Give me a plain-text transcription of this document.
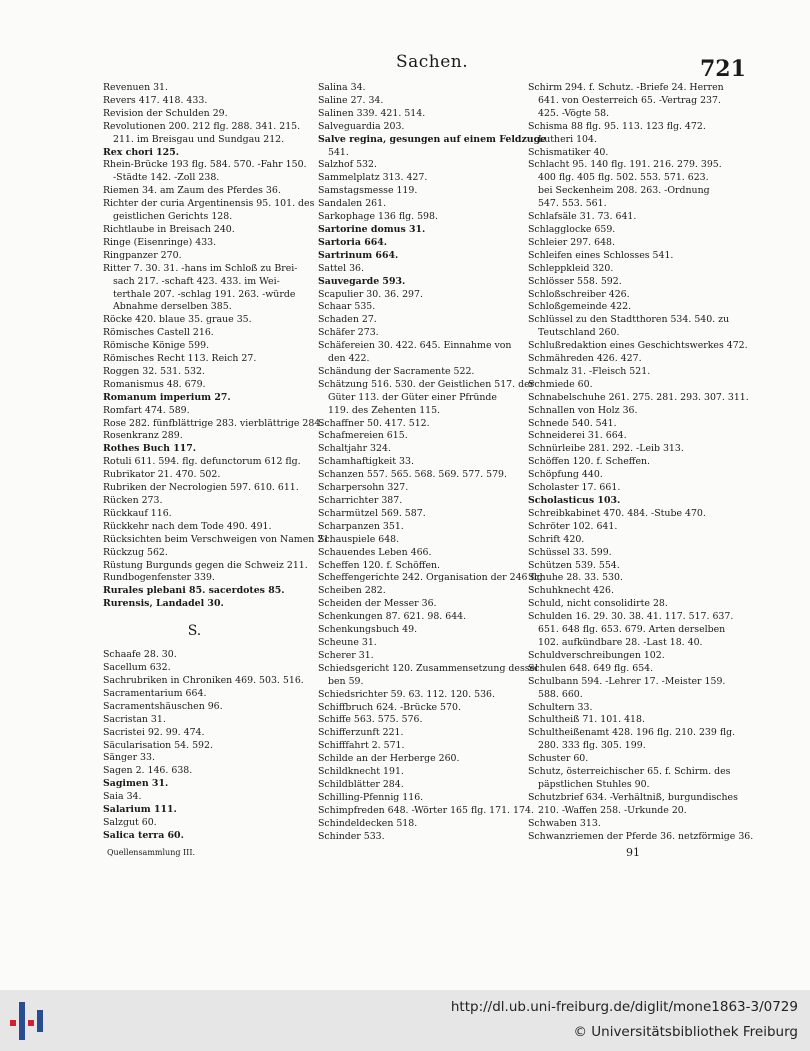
Sachen.	721
Revenuen 31.
Revers 417. 418. 433.
Revision der Schulden 29.
Revolutionen 200. 212 flg. 288. 341. 215.
211. im Breisgau und Sundgau 212.
Rex chori 125.
Rhein-Brücke 193 flg. 584. 570. -Fahr 150.
-Städte 142. -Zoll 238.
Riemen 34. am Zaum des Pferdes 36.
Richter der curia Argentinensis 95. 101. des
geistlichen Gerichts 128.
Richtlaube in Breisach 240.
Ringe (Eisenringe) 433.
Ringpanzer 270.
Ritter 7. 30. 31. -hans im Schloß zu Brei-
sach 217. -schaft 423. 433. im Wei-
terthale 207. -schlag 191. 263. -würde
Abnahme derselben 385.
Röcke 420. blaue 35. graue 35.
Römisches Castell 216.
Römische Könige 599.
Römisches Recht 113. Reich 27.
Roggen 32. 531. 532.
Romanismus 48. 679.
Romanum imperium 27.
Romfart 474. 589.
Rose 282. fünfblättrige 283. vierblättrige 284.
Rosenkranz 289.
Rothes Buch 117.
Rotuli 611. 594. flg. defunctorum 612 flg.
Rubrikator 21. 470. 502.
Rubriken der Necrologien 597. 610. 611.
Rücken 273.
Rückkauf 116.
Rückkehr nach dem Tode 490. 491.
Rücksichten beim Verschweigen von Namen 21.
Rückzug 562.
Rüstung Burgunds gegen die Schweiz 211.
Rundbogenfenster 339.
Rurales plebani 85. sacerdotes 85.
Rurensis, Landadel 30.
S.
Schaafe 28. 30.
Sacellum 632.
Sachrubriken in Chroniken 469. 503. 516.
Sacramentarium 664.
Sacramentshäuschen 96.
Sacristan 31.
Sacristei 92. 99. 474.
Säcularisation 54. 592.
Sänger 33.
Sagen 2. 146. 638.
Sagimen 31.
Saia 34.
Salarium 111.
Salzgut 60.
Salica terra 60.
Quellensammlung III.
Salina 34.
Saline 27. 34.
Salinen 339. 421. 514.
Salveguardia 203.
Salve regina, gesungen auf einem Feldzuge
541.
Salzhof 532.
Sammelplatz 313. 427.
Samstagsmesse 119.
Sandalen 261.
Sarkophage 136 flg. 598.
Sartorine domus 31.
Sartoria 664.
Sartrinum 664.
Sattel 36.
Sauvegarde 593.
Scapulier 30. 36. 297.
Schaar 535.
Schaden 27.
Schäfer 273.
Schäfereien 30. 422. 645. Einnahme von
den 422.
Schändung der Sacramente 522.
Schätzung 516. 530. der Geistlichen 517. der
Güter 113. der Güter einer Pfründe
119. des Zehenten 115.
Schaffner 50. 417. 512.
Schafmereien 615.
Schaltjahr 324.
Schamhaftigkeit 33.
Schanzen 557. 565. 568. 569. 577. 579.
Scharpersohn 327.
Scharrichter 387.
Scharmützel 569. 587.
Scharpanzen 351.
Schauspiele 648.
Schauendes Leben 466.
Scheffen 120. f. Schöffen.
Scheffengerichte 242. Organisation der 246 flg.
Scheiben 282.
Scheiden der Messer 36.
Schenkungen 87. 621. 98. 644.
Schenkungsbuch 49.
Scheune 31.
Scherer 31.
Schiedsgericht 120. Zusammensetzung dessel
ben 59.
Schiedsrichter 59. 63. 112. 120. 536.
Schiffbruch 624. -Brücke 570.
Schiffe 563. 575. 576.
Schifferzunft 221.
Schifffahrt 2. 571.
Schilde an der Herberge 260.
Schildknecht 191.
Schildblätter 284.
Schilling-Pfennig 116.
Schimpfreden 648. -Wörter 165 flg. 171. 174.
Schindeldecken 518.
Schinder 533.
Schirm 294. f. Schutz. -Briefe 24. Herren
641. von Oesterreich 65. -Vertrag 237.
425. -Vögte 58.
Schisma 88 flg. 95. 113. 123 flg. 472.
Lutheri 104.
Schismatiker 40.
Schlacht 95. 140 flg. 191. 216. 279. 395.
400 flg. 405 flg. 502. 553. 571. 623.
bei Seckenheim 208. 263. -Ordnung
547. 553. 561.
Schlafsäle 31. 73. 641.
Schlagglocke 659.
Schleier 297. 648.
Schleifen eines Schlosses 541.
Schleppkleid 320.
Schlösser 558. 592.
Schloßschreiber 426.
Schloßgemeinde 422.
Schlüssel zu den Stadtthoren 534. 540. zu
Teutschland 260.
Schlußredaktion eines Geschichtswerkes 472.
Schmähreden 426. 427.
Schmalz 31. -Fleisch 521.
Schmiede 60.
Schnabelschuhe 261. 275. 281. 293. 307. 311.
Schnallen von Holz 36.
Schnede 540. 541.
Schneiderei 31. 664.
Schnürleibe 281. 292. -Leib 313.
Schöffen 120. f. Scheffen.
Schöpfung 440.
Scholaster 17. 661.
Scholasticus 103.
Schreibkabinet 470. 484. -Stube 470.
Schröter 102. 641.
Schrift 420.
Schüssel 33. 599.
Schützen 539. 554.
Schuhe 28. 33. 530.
Schuhknecht 426.
Schuld, nicht consolidirte 28.
Schulden 16. 29. 30. 38. 41. 117. 517. 637.
651. 648 flg. 653. 679. Arten derselben
102. aufkündbare 28. -Last 18. 40.
Schuldverschreibungen 102.
Schulen 648. 649 flg. 654.
Schulbann 594. -Lehrer 17. -Meister 159.
588. 660.
Schultern 33.
Schultheiß 71. 101. 418.
Schultheißenamt 428. 196 flg. 210. 239 flg.
280. 333 flg. 305. 199.
Schuster 60.
Schutz, österreichischer 65. f. Schirm. des
päpstlichen Stuhles 90.
Schutzbrief 634. -Verhältniß, burgundisches
210. -Waffen 258. -Urkunde 20.
Schwaben 313.
Schwanzriemen der Pferde 36. netzförmige 36.
91
http://dl.ub.uni-freiburg.de/diglit/mone1863-3/0729
© Universitätsbibliothek Freiburg
